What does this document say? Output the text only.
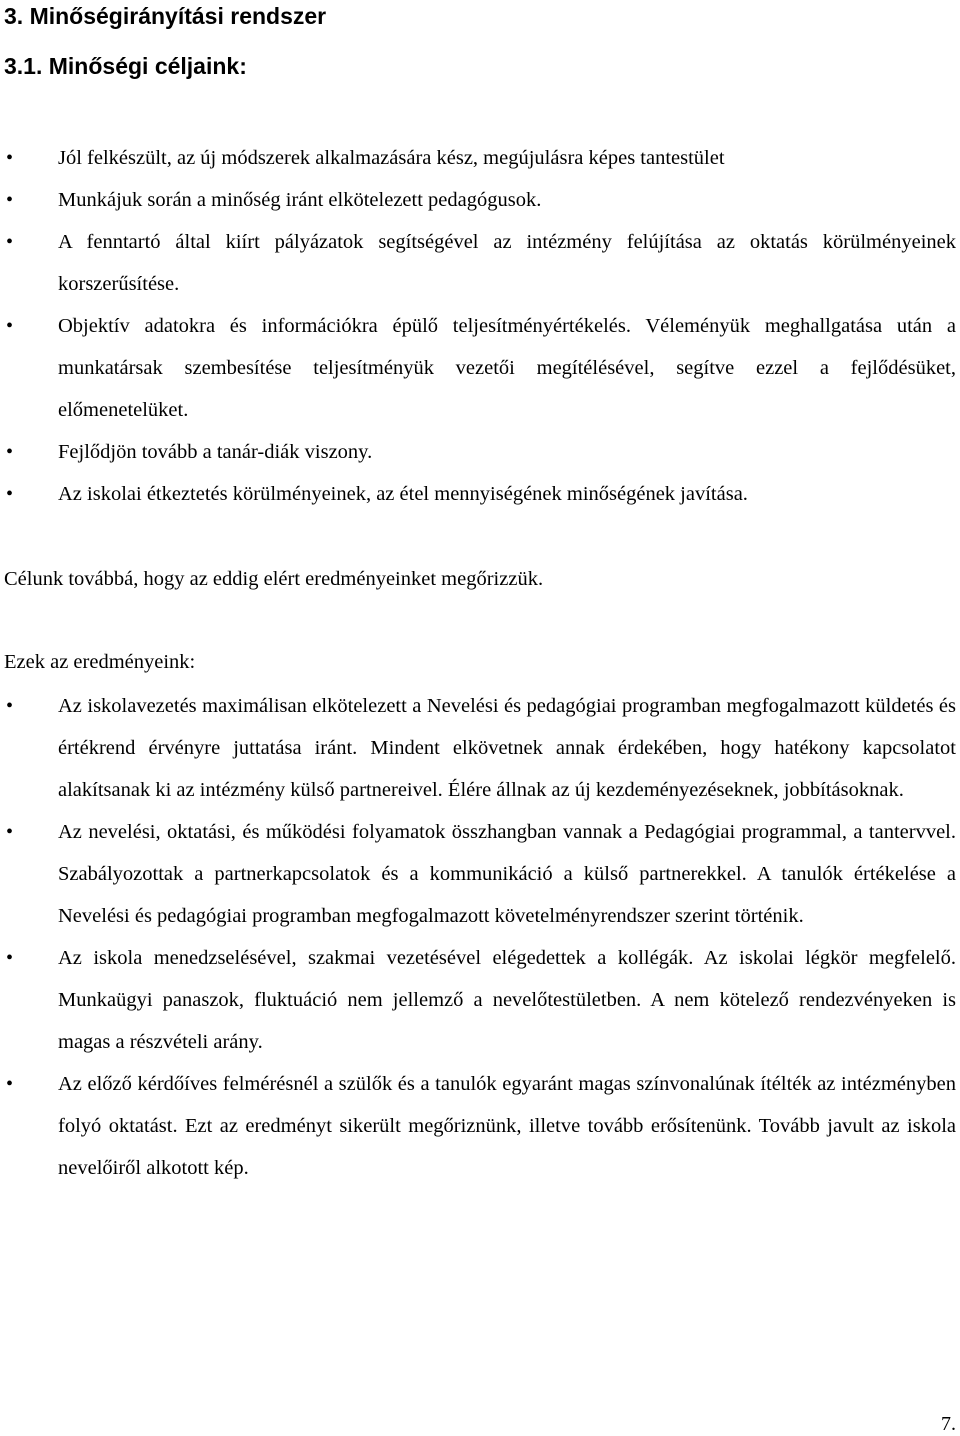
3. Minőségirányítási rendszer
3.1. Minőségi céljaink:
• Jól felkészült, az új módszerek alkalmazására kész, megújulásra képes tantestület
• Munkájuk során a minőség iránt elkötelezett pedagógusok.
• A fenntartó által kiírt pályázatok segítségével az intézmény felújítása az oktatás körülményeinek korszerűsítése.
• Objektív adatokra és információkra épülő teljesítményértékelés. Véleményük meghallgatása után a munkatársak szembesítése teljesítményük vezetői megítélésével, segítve ezzel a fejlődésüket, előmenetelüket.
• Fejlődjön tovább a tanár-diák viszony.
• Az iskolai étkeztetés körülményeinek, az étel mennyiségének minőségének javítása.

Célunk továbbá, hogy az eddig elért eredményeinket megőrizzük.

Ezek az eredményeink:

• Az iskolavezetés maximálisan elkötelezett a Nevelési és pedagógiai programban megfogalmazott küldetés és értékrend érvényre juttatása iránt. Mindent elkövetnek annak érdekében, hogy hatékony kapcsolatot alakítsanak ki az intézmény külső partnereivel. Élére állnak az új kezdeményezéseknek, jobbításoknak.
• Az nevelési, oktatási, és működési folyamatok összhangban vannak a Pedagógiai programmal, a tantervvel. Szabályozottak a partnerkapcsolatok és a kommunikáció a külső partnerekkel. A tanulók értékelése a Nevelési és pedagógiai programban megfogalmazott követelményrendszer szerint történik.
• Az iskola menedzselésével, szakmai vezetésével elégedettek a kollégák. Az iskolai légkör megfelelő. Munkaügyi panaszok, fluktuáció nem jellemző a nevelőtestületben. A nem kötelező rendezvényeken is magas a részvételi arány.
• Az előző kérdőíves felmérésnél a szülők és a tanulók egyaránt magas színvonalúnak ítélték az intézményben folyó oktatást. Ezt az eredményt sikerült megőriznünk, illetve tovább erősítenünk. Tovább javult az iskola nevelőiről alkotott kép.
7.
